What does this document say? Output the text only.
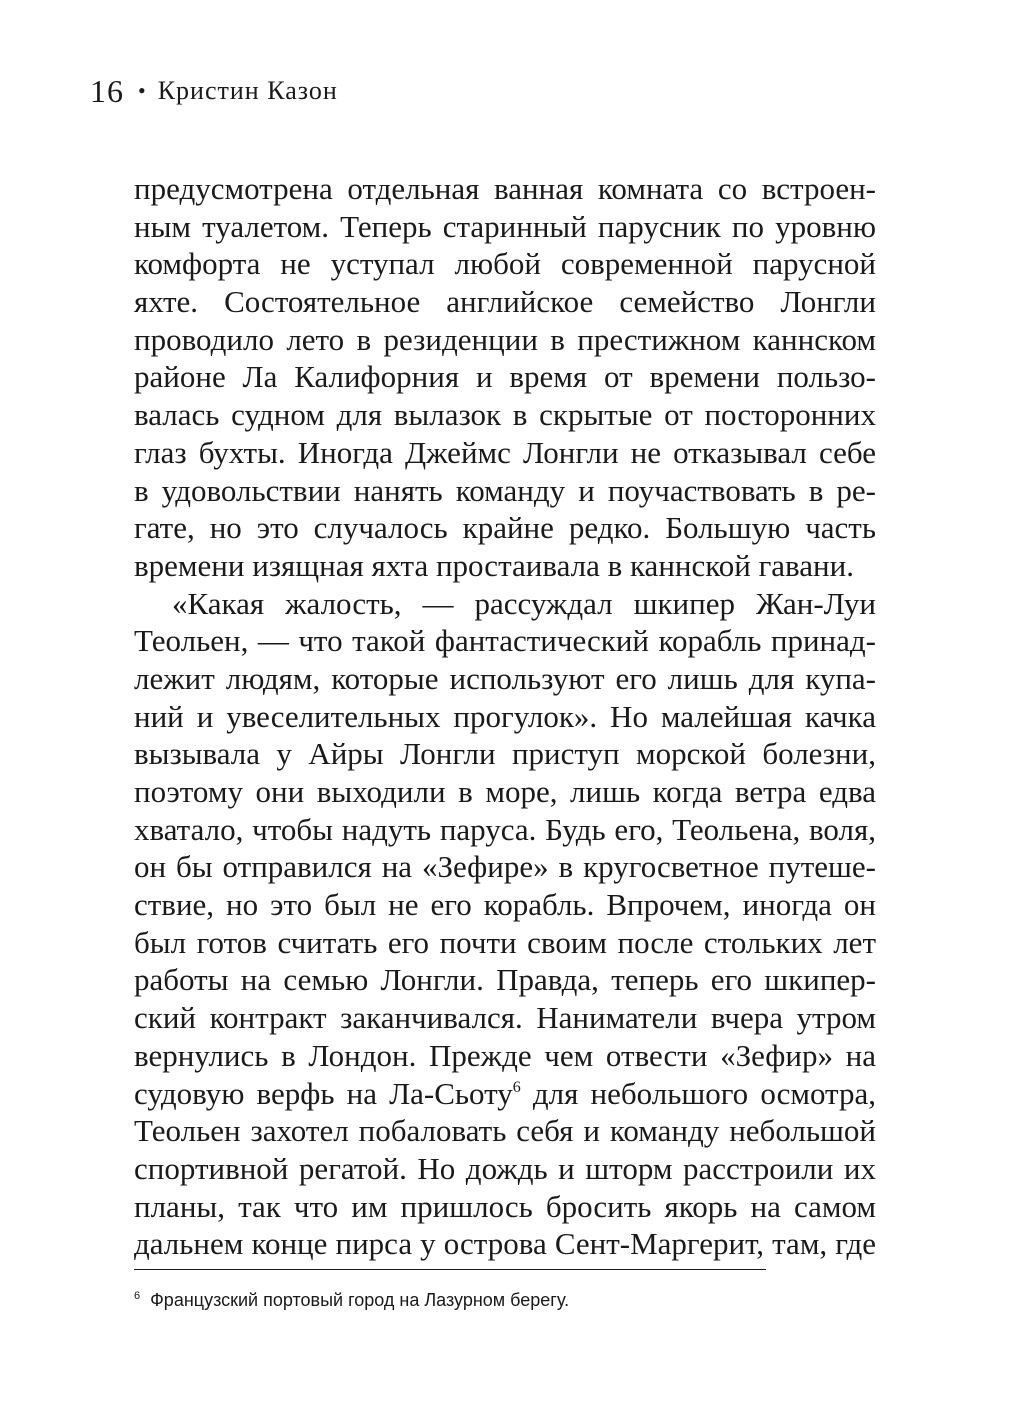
16 • Кристин Казон
предусмотрена отдельная ванная комната со встроен-
ным туалетом. Теперь старинный парусник по уровню
комфорта не уступал любой современной парусной
яхте. Состоятельное английское семейство Лонгли
проводило лето в резиденции в престижном каннском
районе Ла Калифорния и время от времени пользо-
валась судном для вылазок в скрытые от посторонних
глаз бухты. Иногда Джеймс Лонгли не отказывал себе
в удовольствии нанять команду и поучаствовать в ре-
гате, но это случалось крайне редко. Большую часть
времени изящная яхта простаивала в каннской гавани.
«Какая жалость, — рассуждал шкипер Жан-Луи
Теольен, — что такой фантастический корабль принад-
лежит людям, которые используют его лишь для купа-
ний и увеселительных прогулок». Но малейшая качка
вызывала у Айры Лонгли приступ морской болезни,
поэтому они выходили в море, лишь когда ветра едва
хватало, чтобы надуть паруса. Будь его, Теольена, воля,
он бы отправился на «Зефире» в кругосветное путеше-
ствие, но это был не его корабль. Впрочем, иногда он
был готов считать его почти своим после стольких лет
работы на семью Лонгли. Правда, теперь его шкипер-
ский контракт заканчивался. Наниматели вчера утром
вернулись в Лондон. Прежде чем отвести «Зефир» на
судовую верфь на Ла-Сьоту$^6$ для небольшого осмотра,
Теольен захотел побаловать себя и команду небольшой
спортивной регатой. Но дождь и шторм расстроили их
планы, так что им пришлось бросить якорь на самом
дальнем конце пирса у острова Сент-Маргерит, там, где
$^6$ Французский портовый город на Лазурном берегу.
